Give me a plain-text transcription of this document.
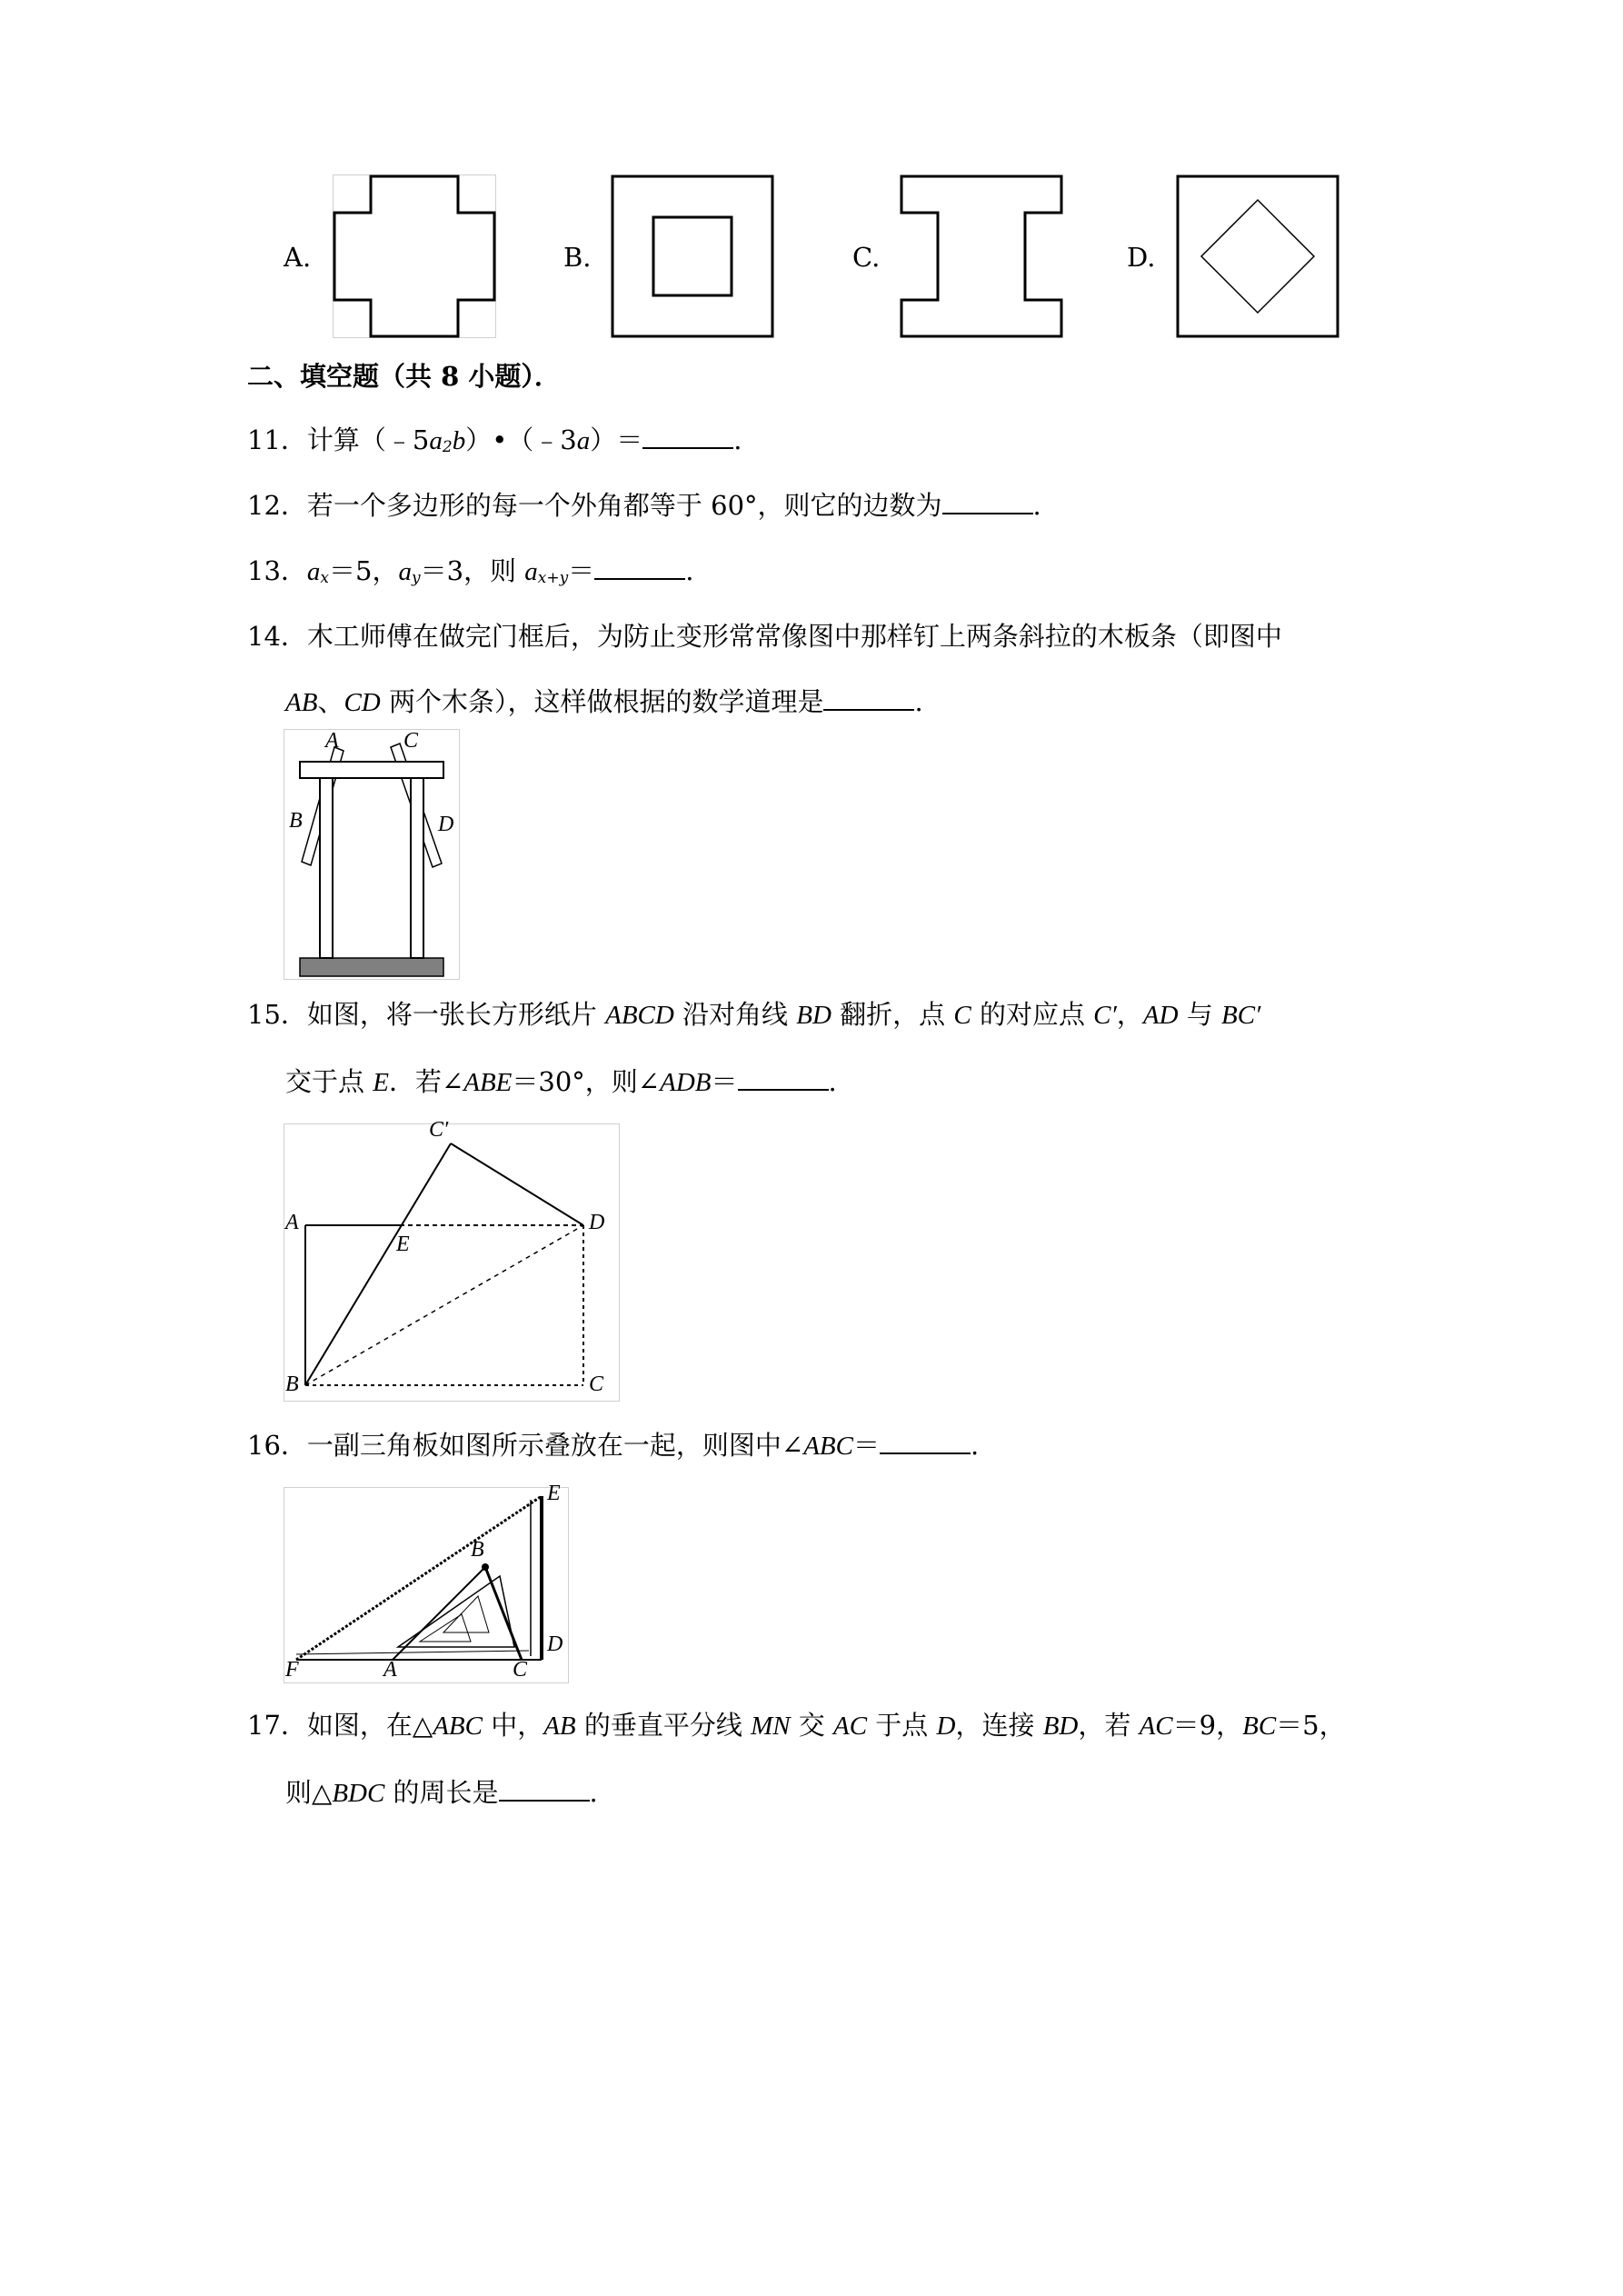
A.	B.	C.	D.
二、填空题（共 8 小题）．
11．计算（﹣5a2b）•（﹣3a）＝	.
12．若一个多边形的每一个外角都等于 60°，则它的边数为	.
13．ax＝5，ay＝3，则 ax+y＝	.
14．木工师傅在做完门框后，为防止变形常常像图中那样钉上两条斜拉的木板条（即图中
AB、CD 两个木条），这样做根据的数学道理是	.
A	C
B	D
15．如图，将一张长方形纸片 ABCD 沿对角线 BD 翻折，点 C 的对应点 C′，AD 与 BC′
交于点 E．若∠ABE＝30°，则∠ADB＝	.
C′
A	D
E
B	C
16．一副三角板如图所示叠放在一起，则图中∠ABC＝	.
E
B
D
F	A	C
17．如图，在△ABC 中，AB 的垂直平分线 MN 交 AC 于点 D，连接 BD，若 AC＝9，BC＝5，
则△BDC 的周长是	.
